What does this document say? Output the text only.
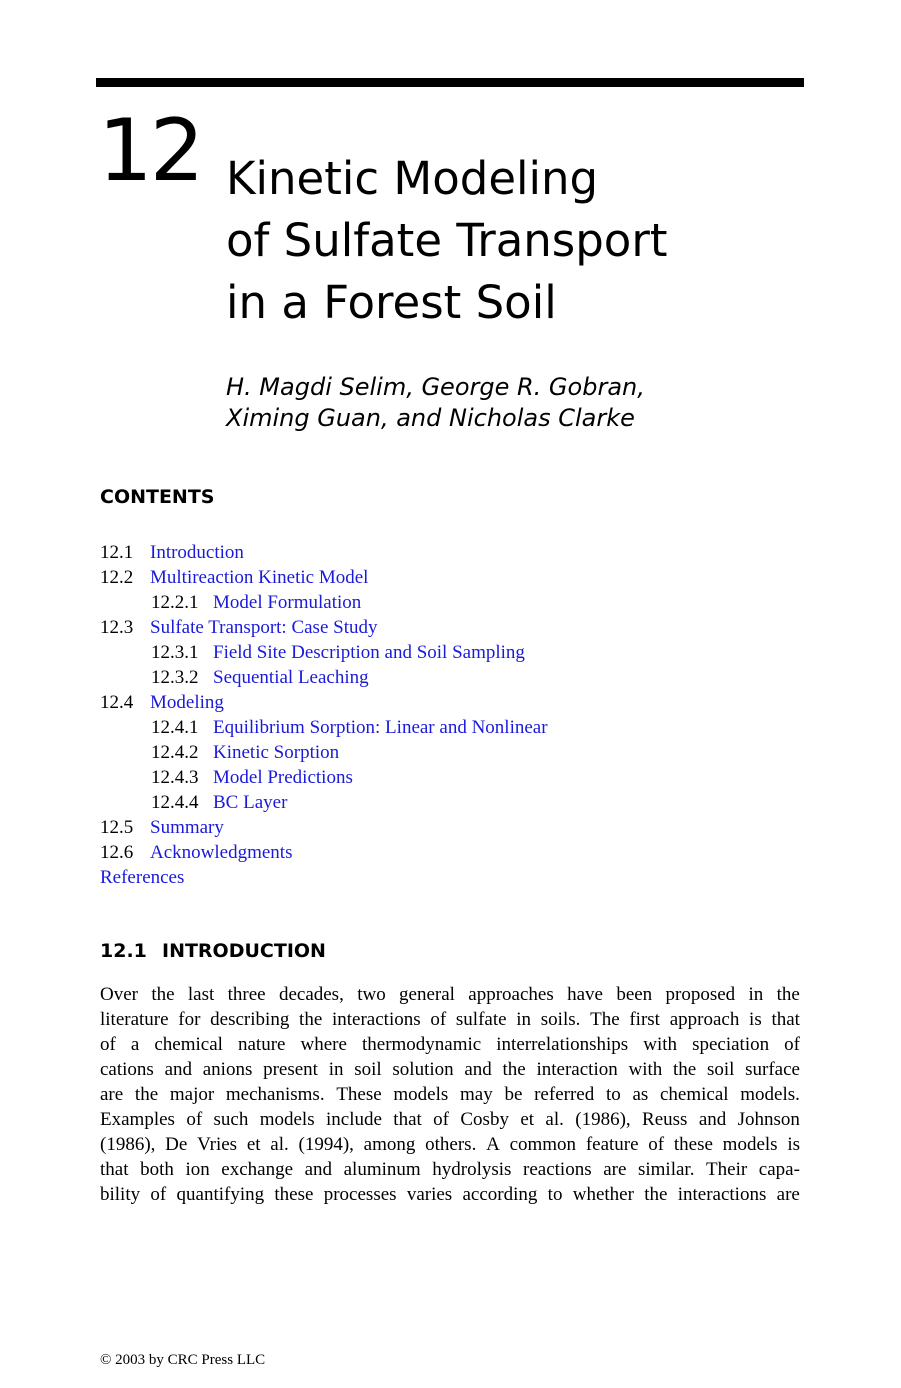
12 Kinetic Modeling
of Sulfate Transport
in a Forest Soil
H. Magdi Selim, George R. Gobran,
Ximing Guan, and Nicholas Clarke
CONTENTS
12.1 Introduction
12.2 Multireaction Kinetic Model
12.2.1 Model Formulation
12.3 Sulfate Transport: Case Study
12.3.1 Field Site Description and Soil Sampling
12.3.2 Sequential Leaching
12.4 Modeling
12.4.1 Equilibrium Sorption: Linear and Nonlinear
12.4.2 Kinetic Sorption
12.4.3 Model Predictions
12.4.4 BC Layer
12.5 Summary
12.6 Acknowledgments
References
12.1 INTRODUCTION
Over the last three decades, two general approaches have been proposed in the
literature for describing the interactions of sulfate in soils. The first approach is that
of a chemical nature where thermodynamic interrelationships with speciation of
cations and anions present in soil solution and the interaction with the soil surface
are the major mechanisms. These models may be referred to as chemical models.
Examples of such models include that of Cosby et al. (1986), Reuss and Johnson
(1986), De Vries et al. (1994), among others. A common feature of these models is
that both ion exchange and aluminum hydrolysis reactions are similar. Their capa-
bility of quantifying these processes varies according to whether the interactions are
© 2003 by CRC Press LLC
